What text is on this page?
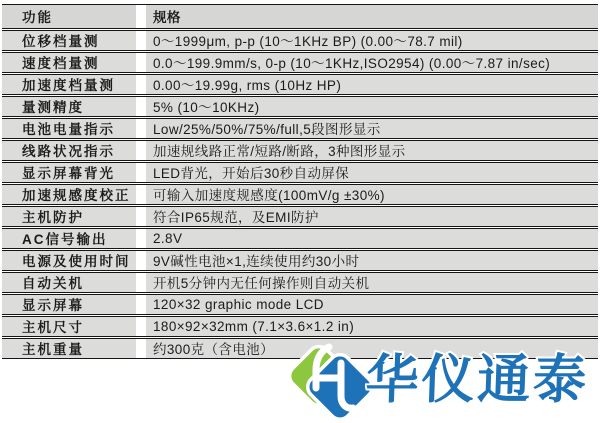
功能	规格
位移档量测	0～1999μm, p-p (10～1KHz BP) (0.00～78.7 mil)
速度档量测	0.0～199.9mm/s, 0-p (10～1KHz,ISO2954) (0.00～7.87 in/sec)
加速度档量测	0.00～19.99g, rms (10Hz HP)
量测精度	5% (10～10KHz)
电池电量指示	Low/25%/50%/75%/full,5段图形显示
线路状况指示	加速规线路正常/短路/断路，3种图形显示
显示屏幕背光	LED背光，开始后30秒自动屏保
加速规感度校正	可输入加速度规感度(100mV/g ±30%)
主机防护	符合IP65规范，及EMI防护
AC信号输出	2.8V
电源及使用时间	9V碱性电池×1,连续使用约30小时
自动关机	开机5分钟内无任何操作则自动关机
显示屏幕	120×32 graphic mode LCD
主机尺寸	180×92×32mm (7.1×3.6×1.2 in)
主机重量	约300克（含电池）	华仪通泰
